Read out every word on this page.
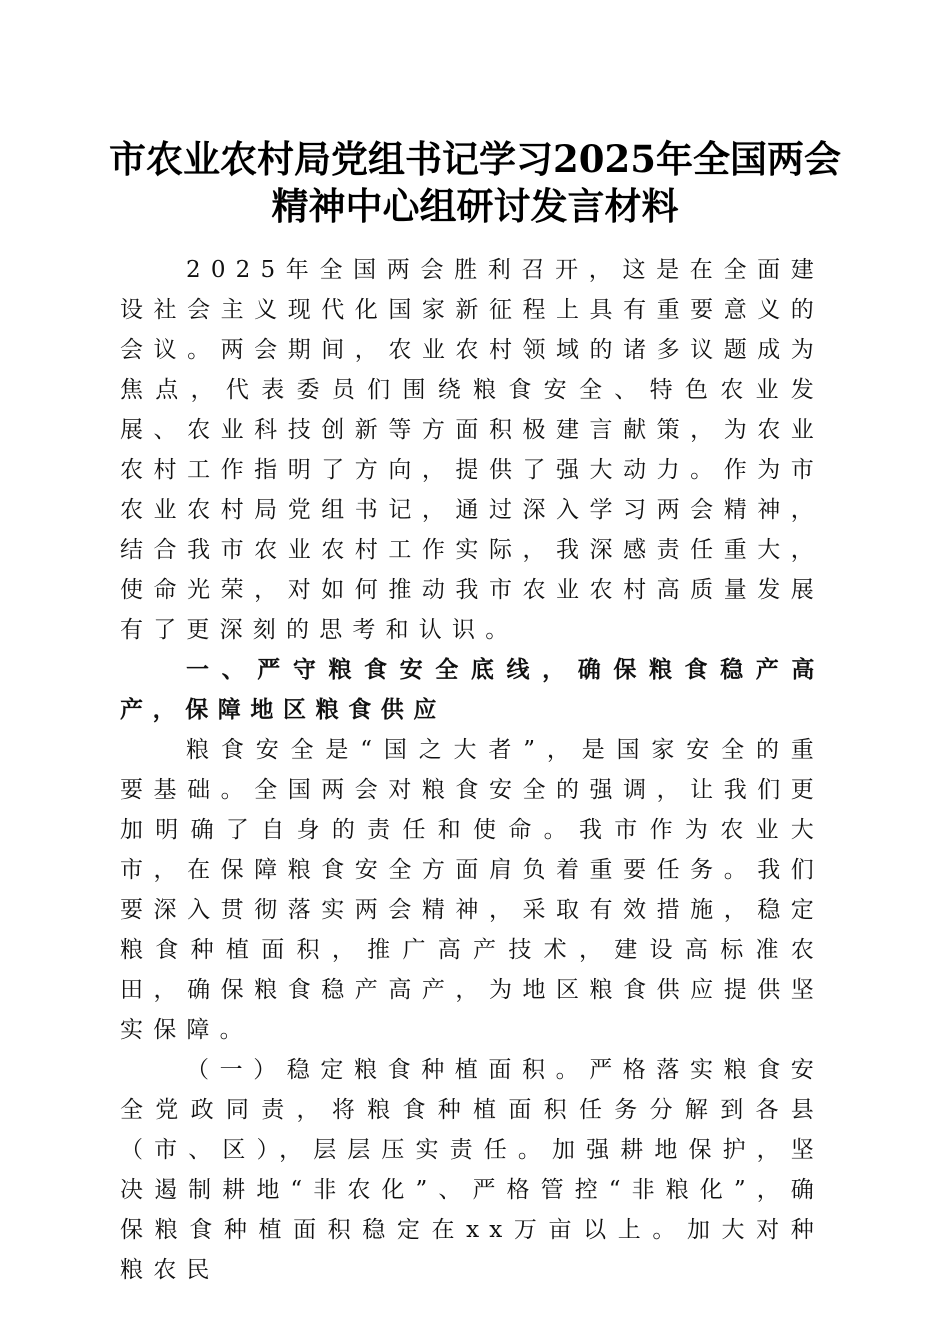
市农业农村局党组书记学习2025年全国两会
精神中心组研讨发言材料

2025年全国两会胜利召开，这是在全面建设社会主义现代化国家新征程上具有重要意义的会议。两会期间，农业农村领域的诸多议题成为焦点，代表委员们围绕粮食安全、特色农业发展、农业科技创新等方面积极建言献策，为农业农村工作指明了方向，提供了强大动力。作为市农业农村局党组书记，通过深入学习两会精神，结合我市农业农村工作实际，我深感责任重大，使命光荣，对如何推动我市农业农村高质量发展有了更深刻的思考和认识。

一、严守粮食安全底线，确保粮食稳产高产，保障地区粮食供应

粮食安全是“国之大者”，是国家安全的重要基础。全国两会对粮食安全的强调，让我们更加明确了自身的责任和使命。我市作为农业大市，在保障粮食安全方面肩负着重要任务。我们要深入贯彻落实两会精神，采取有效措施，稳定粮食种植面积，推广高产技术，建设高标准农田，确保粮食稳产高产，为地区粮食供应提供坚实保障。

（一）稳定粮食种植面积。严格落实粮食安全党政同责，将粮食种植面积任务分解到各县（市、区），层层压实责任。加强耕地保护，坚决遏制耕地“非农化”、严格管控“非粮化”，确保粮食种植面积稳定在xx万亩以上。加大对种粮农民
